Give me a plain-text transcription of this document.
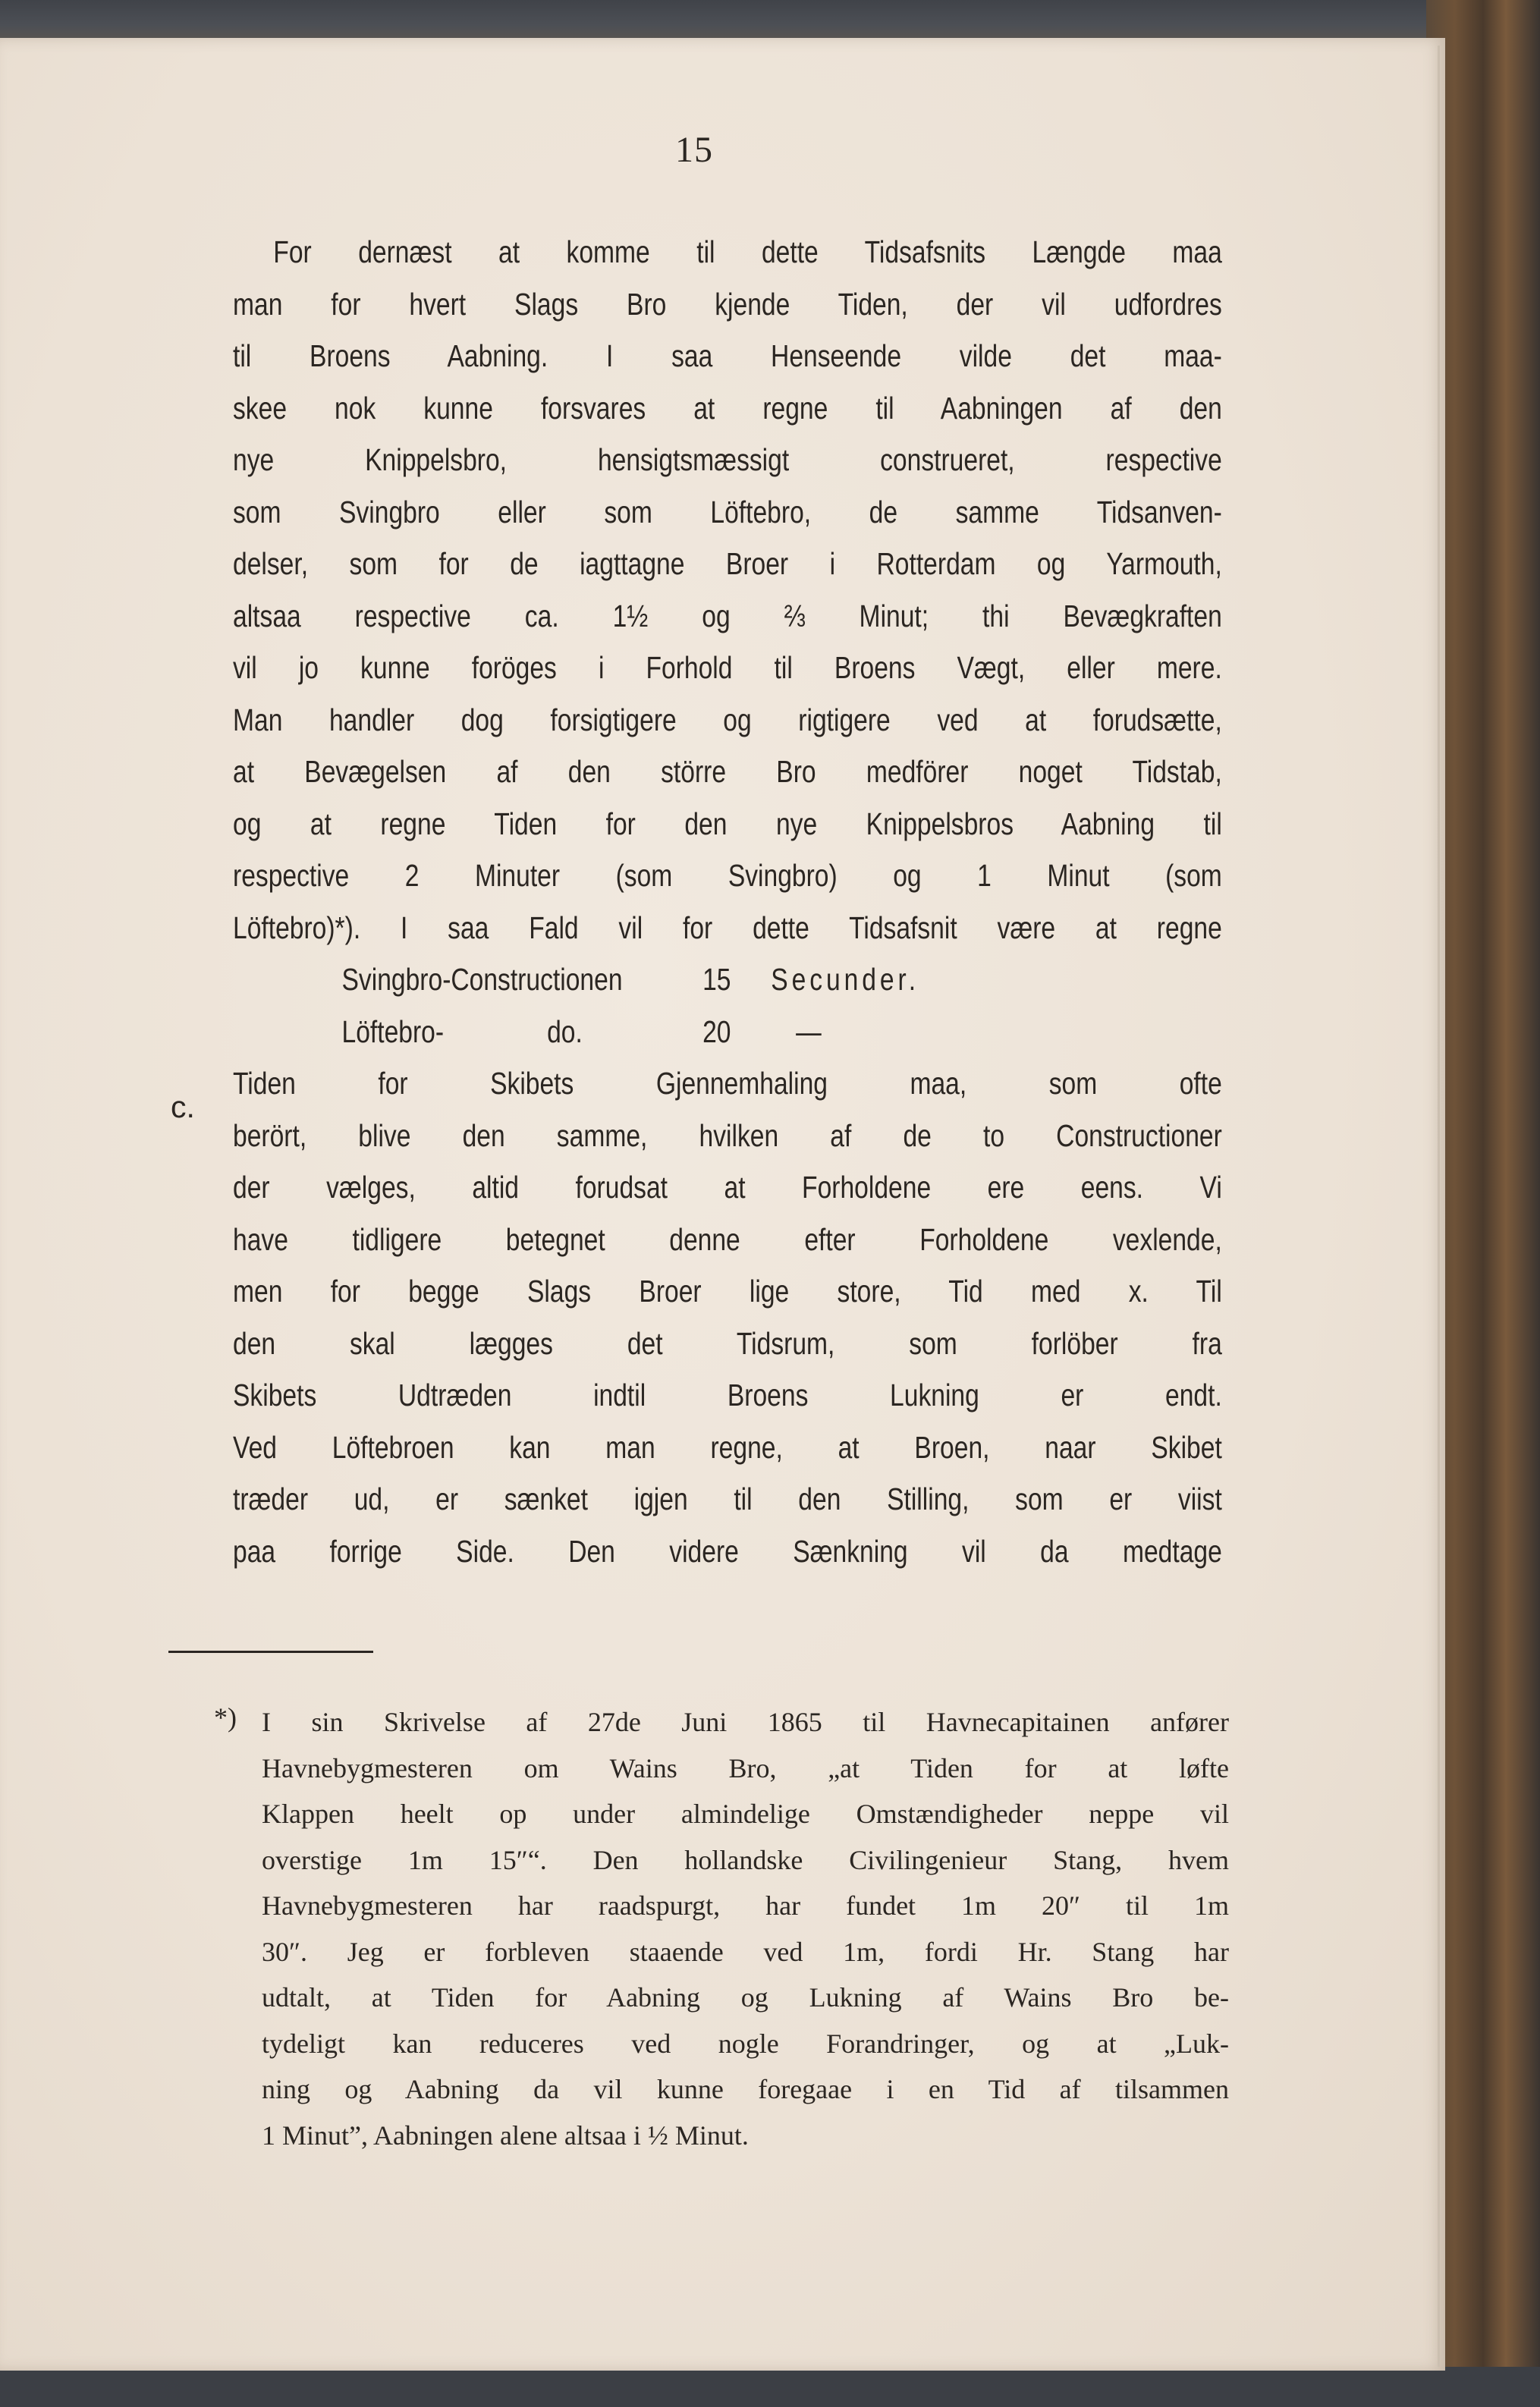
15
For dernæst at komme til dette Tidsafsnits Længde maa
man for hvert Slags Bro kjende Tiden, der vil udfordres
til Broens Aabning. I saa Henseende vilde det maa-
skee nok kunne forsvares at regne til Aabningen af den
nye Knippelsbro, hensigtsmæssigt construeret, respective
som Svingbro eller som Löftebro, de samme Tidsanven-
delser, som for de iagttagne Broer i Rotterdam og Yarmouth,
altsaa respective ca. 1½ og ⅔ Minut; thi Bevægkraften
vil jo kunne foröges i Forhold til Broens Vægt, eller mere.
Man handler dog forsigtigere og rigtigere ved at forudsætte,
at Bevægelsen af den större Bro medförer noget Tidstab,
og at regne Tiden for den nye Knippelsbros Aabning til
respective 2 Minuter (som Svingbro) og 1 Minut (som
Löftebro)*). I saa Fald vil for dette Tidsafsnit være at regne
Svingbro-Constructionen	15 Secunder.
Löftebro-	do.	20 —
Tiden for Skibets Gjennemhaling maa, som ofte
berört, blive den samme, hvilken af de to Constructioner
der vælges, altid forudsat at Forholdene ere eens. Vi
have tidligere betegnet denne efter Forholdene vexlende,
men for begge Slags Broer lige store, Tid med x. Til
den skal lægges det Tidsrum, som forlöber fra
Skibets Udtræden indtil Broens Lukning er endt.
Ved Löftebroen kan man regne, at Broen, naar Skibet
træder ud, er sænket igjen til den Stilling, som er viist
paa forrige Side. Den videre Sænkning vil da medtage
c.
*) I sin Skrivelse af 27de Juni 1865 til Havnecapitainen anfører
Havnebygmesteren om Wains Bro, „at Tiden for at løfte
Klappen heelt op under almindelige Omstændigheder neppe vil
overstige 1m 15″“. Den hollandske Civilingenieur Stang, hvem
Havnebygmesteren har raadspurgt, har fundet 1m 20″ til 1m
30″. Jeg er forbleven staaende ved 1m, fordi Hr. Stang har
udtalt, at Tiden for Aabning og Lukning af Wains Bro be-
tydeligt kan reduceres ved nogle Forandringer, og at „Luk-
ning og Aabning da vil kunne foregaae i en Tid af tilsammen
1 Minut”, Aabningen alene altsaa i ½ Minut.
